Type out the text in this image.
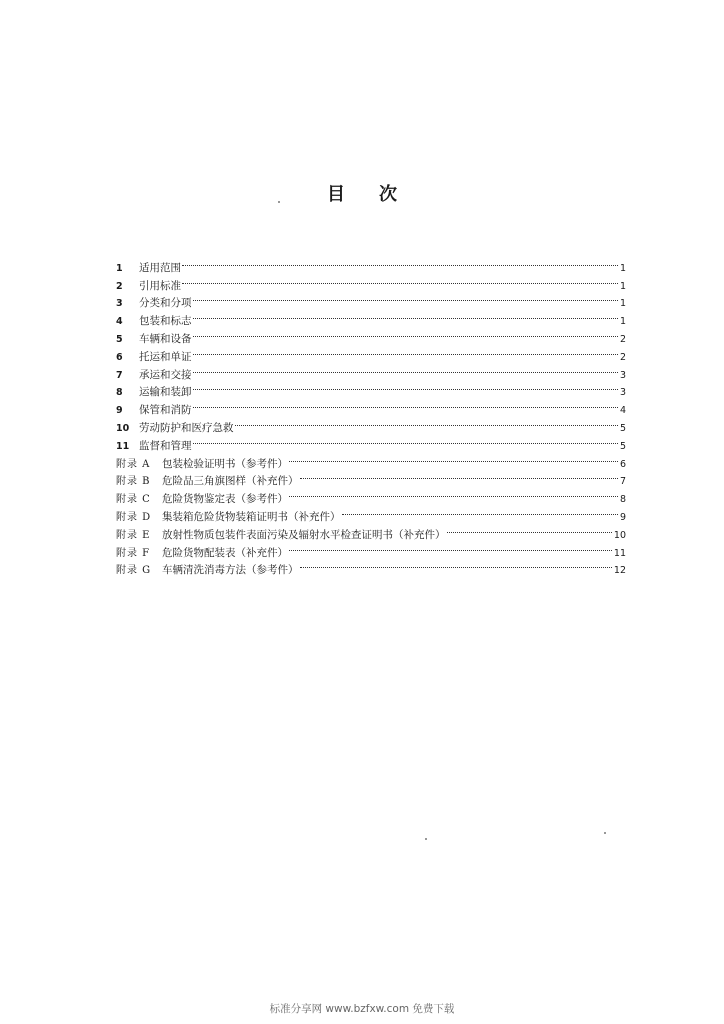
目 次
1	适用范围	1
2	引用标准	1
3	分类和分项	1
4	包装和标志	1
5	车辆和设备	2
6	托运和单证	2
7	承运和交接	3
8	运输和装卸	3
9	保管和消防	4
10 劳动防护和医疗急救	5
11 监督和管理	5
附录 A	包装检验证明书（参考件）	6
附录 B	危险品三角旗图样（补充件）	7
附录 C	危险货物鉴定表（参考件）	8
附录 D	集装箱危险货物装箱证明书（补充件）	9
附录 E	放射性物质包装件表面污染及辐射水平检查证明书（补充件）	10
附录 F	危险货物配装表（补充件）	11
附录 G	车辆清洗消毒方法（参考件）	12
标准分享网 www.bzfxw.com 免费下载
